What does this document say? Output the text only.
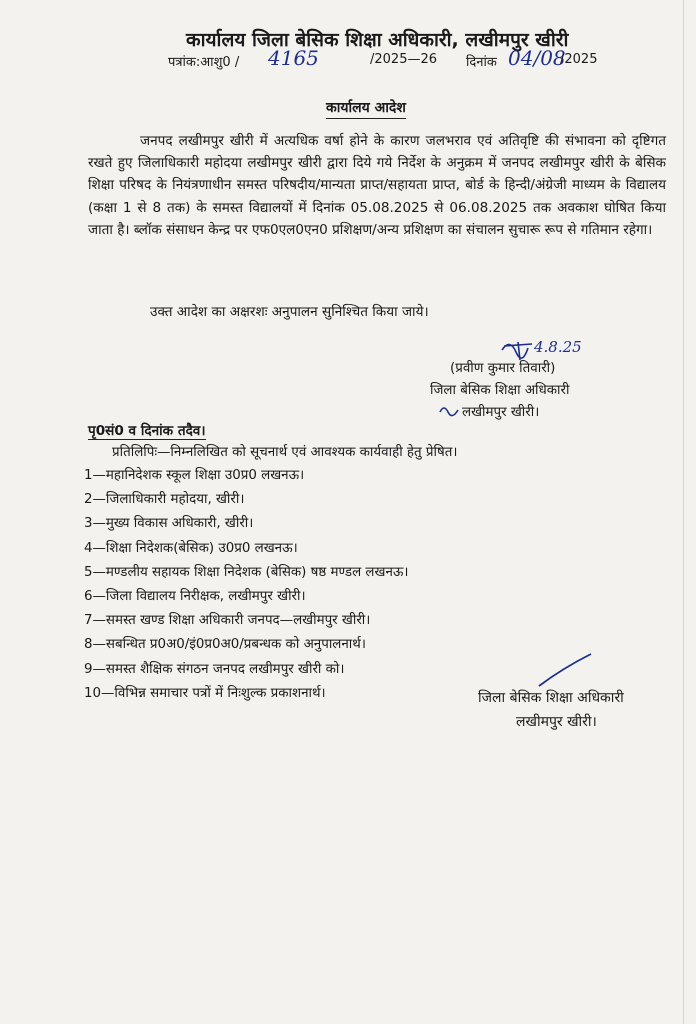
कार्यालय जिला बेसिक शिक्षा अधिकारी, लखीमपुर खीरी
पत्रांक:आशु0 / 4165	/2025—26 दिनांक 04/08
/2025
कार्यालय आदेश
जनपद लखीमपुर खीरी में अत्यधिक वर्षा होने के कारण जलभराव एवं अतिवृष्टि की संभावना को दृष्टिगत रखते हुए जिलाधिकारी महोदया लखीमपुर खीरी द्वारा दिये गये निर्देश के अनुक्रम में जनपद लखीमपुर खीरी के बेसिक शिक्षा परिषद के नियंत्रणाधीन समस्त परिषदीय/मान्यता प्राप्त/सहायता प्राप्त, बोर्ड के हिन्दी/अंग्रेजी माध्यम के विद्यालय (कक्षा 1 से 8 तक) के समस्त विद्यालयों में दिनांक 05.08.2025 से 06.08.2025 तक अवकाश घोषित किया जाता है। ब्लॉक संसाधन केन्द्र पर एफ0एल0एन0 प्रशिक्षण/अन्य प्रशिक्षण का संचालन सुचारू रूप से गतिमान रहेगा।
उक्त आदेश का अक्षरशः अनुपालन सुनिश्चित किया जाये।
4.8.25
(प्रवीण कुमार तिवारी)
जिला बेसिक शिक्षा अधिकारी
लखीमपुर खीरी।
पृ0सं0 व दिनांक तदैव।
प्रतिलिपिः—निम्नलिखित को सूचनार्थ एवं आवश्यक कार्यवाही हेतु प्रेषित।
1—महानिदेशक स्कूल शिक्षा उ0प्र0 लखनऊ।
2—जिलाधिकारी महोदया, खीरी।
3—मुख्य विकास अधिकारी, खीरी।
4—शिक्षा निदेशक(बेसिक) उ0प्र0 लखनऊ।
5—मण्डलीय सहायक शिक्षा निदेशक (बेसिक) षष्ठ मण्डल लखनऊ।
6—जिला विद्यालय निरीक्षक, लखीमपुर खीरी।
7—समस्त खण्ड शिक्षा अधिकारी जनपद—लखीमपुर खीरी।
8—सबन्धित प्र0अ0/इं0प्र0अ0/प्रबन्धक को अनुपालनार्थ।
9—समस्त शैक्षिक संगठन जनपद लखीमपुर खीरी को।
10—विभिन्न समाचार पत्रों में निःशुल्क प्रकाशनार्थ।	जिला बेसिक शिक्षा अधिकारी
लखीमपुर खीरी।
